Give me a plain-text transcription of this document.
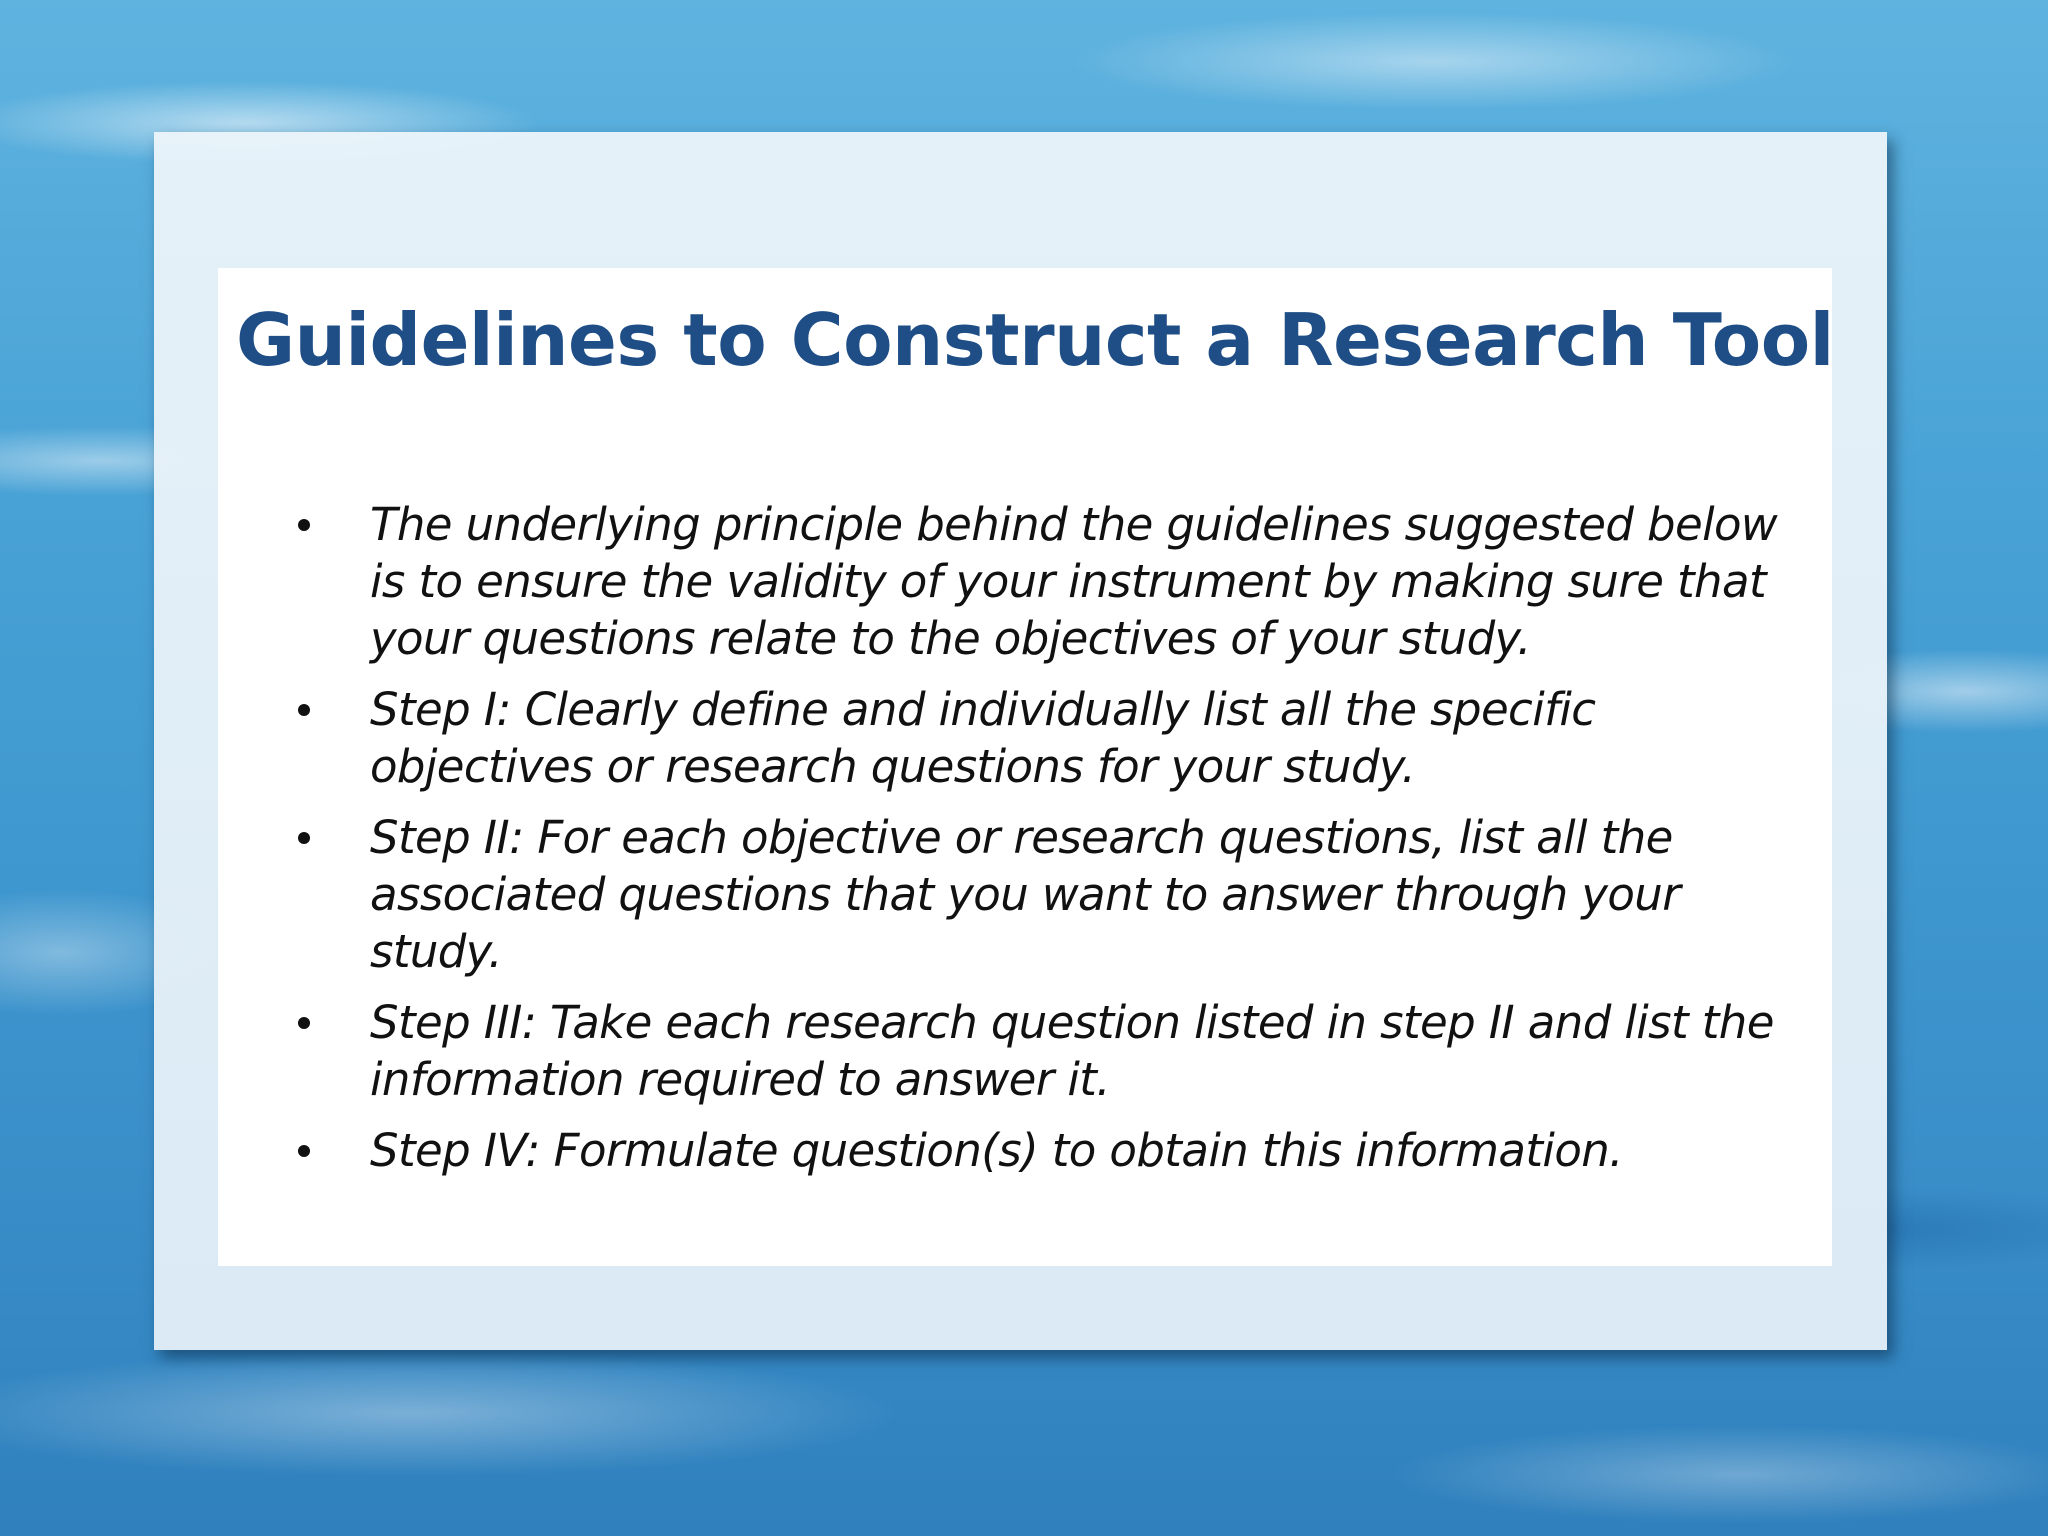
Guidelines to Construct a Research Tool
The underlying principle behind the guidelines suggested below is to ensure the validity of your instrument by making sure that your questions relate to the objectives of your study.
Step I: Clearly define and individually list all the specific objectives or research questions for your study.
Step II: For each objective or research questions, list all the associated questions that you want to answer through your study.
Step III: Take each research question listed in step II and list the information required to answer it.
Step IV: Formulate question(s) to obtain this information.
